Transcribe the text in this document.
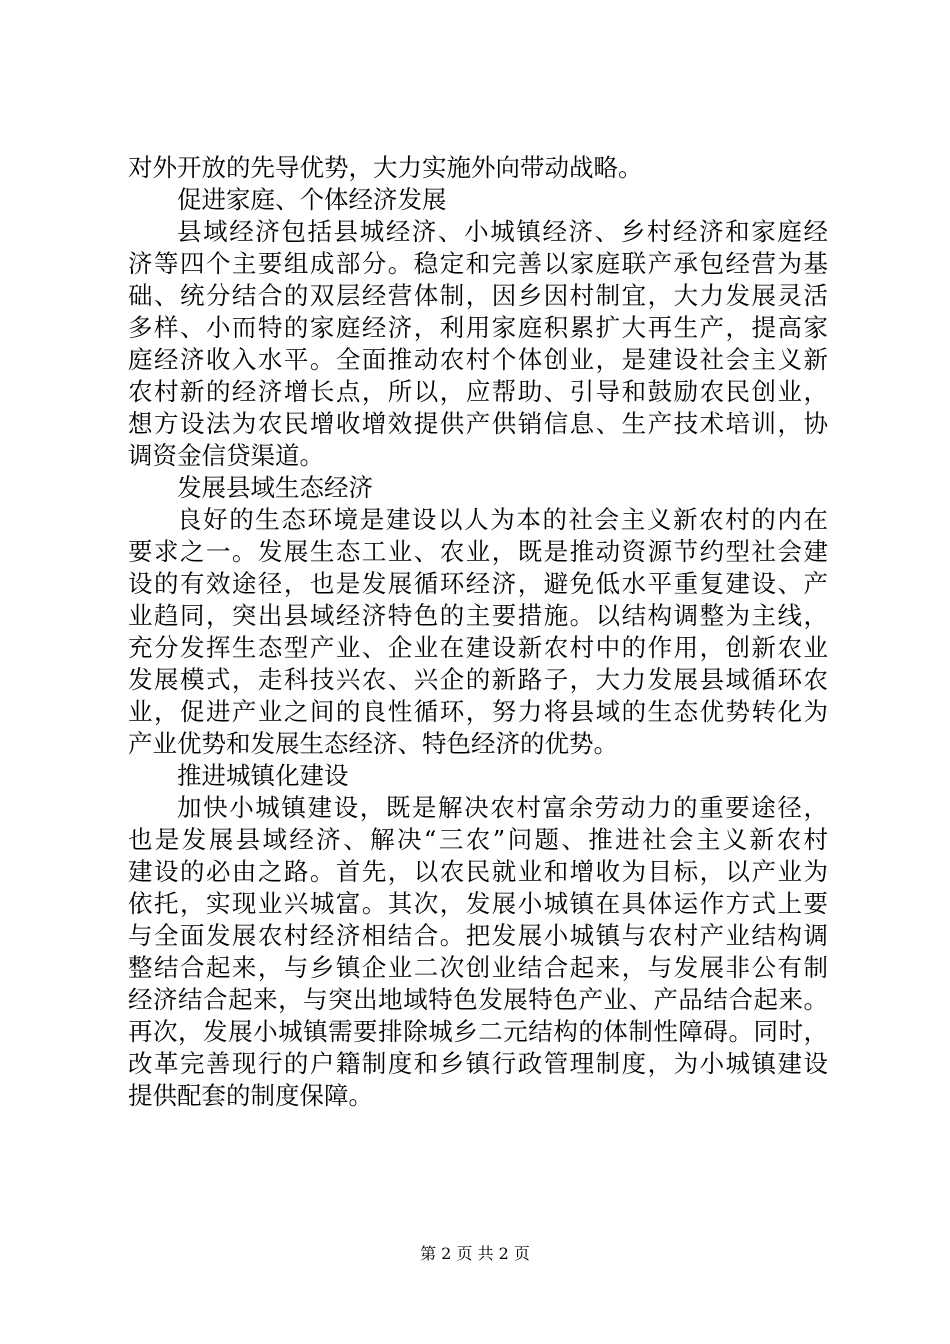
对外开放的先导优势，大力实施外向带动战略。
促进家庭、个体经济发展
县域经济包括县城经济、小城镇经济、乡村经济和家庭经
济等四个主要组成部分。稳定和完善以家庭联产承包经营为基
础、统分结合的双层经营体制，因乡因村制宜，大力发展灵活
多样、小而特的家庭经济，利用家庭积累扩大再生产，提高家
庭经济收入水平。全面推动农村个体创业，是建设社会主义新
农村新的经济增长点，所以，应帮助、引导和鼓励农民创业，
想方设法为农民增收增效提供产供销信息、生产技术培训，协
调资金信贷渠道。
发展县域生态经济
良好的生态环境是建设以人为本的社会主义新农村的内在
要求之一。发展生态工业、农业，既是推动资源节约型社会建
设的有效途径，也是发展循环经济，避免低水平重复建设、产
业趋同，突出县域经济特色的主要措施。以结构调整为主线，
充分发挥生态型产业、企业在建设新农村中的作用，创新农业
发展模式，走科技兴农、兴企的新路子，大力发展县域循环农
业，促进产业之间的良性循环，努力将县域的生态优势转化为
产业优势和发展生态经济、特色经济的优势。
推进城镇化建设
加快小城镇建设，既是解决农村富余劳动力的重要途径，
也是发展县域经济、解决“三农”问题、推进社会主义新农村
建设的必由之路。首先，以农民就业和增收为目标，以产业为
依托，实现业兴城富。其次，发展小城镇在具体运作方式上要
与全面发展农村经济相结合。把发展小城镇与农村产业结构调
整结合起来，与乡镇企业二次创业结合起来，与发展非公有制
经济结合起来，与突出地域特色发展特色产业、产品结合起来。
再次，发展小城镇需要排除城乡二元结构的体制性障碍。同时，
改革完善现行的户籍制度和乡镇行政管理制度，为小城镇建设
提供配套的制度保障。
第 2 页 共 2 页
